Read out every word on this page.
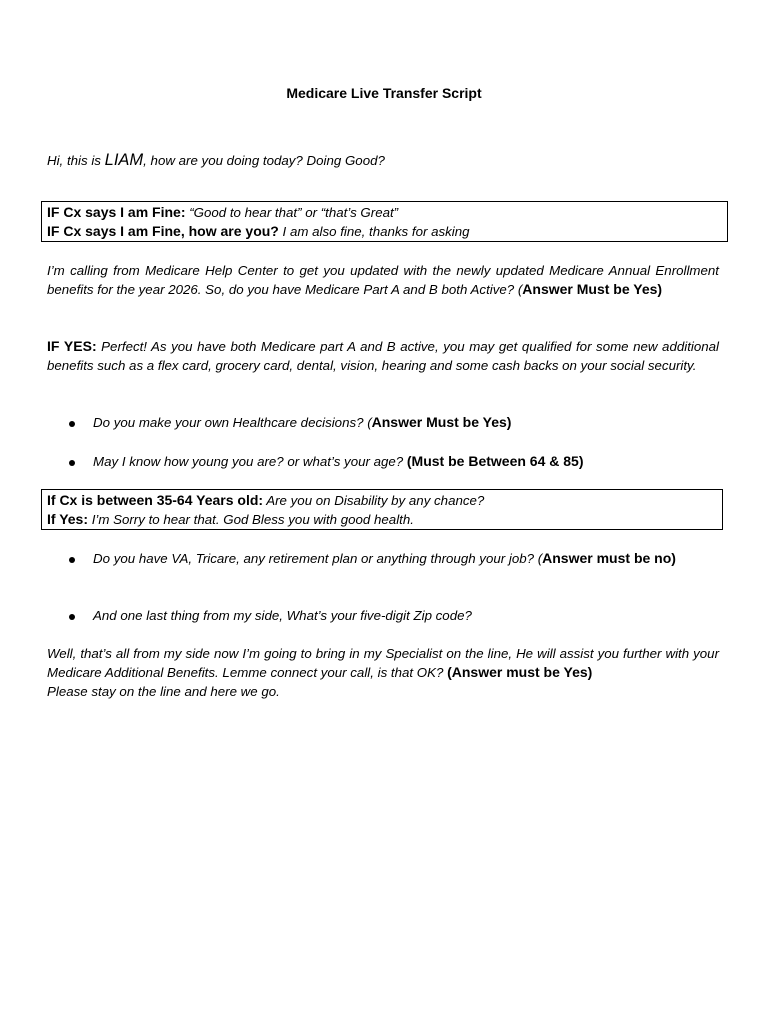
Medicare Live Transfer Script
Hi, this is LIAM, how are you doing today? Doing Good?
IF Cx says I am Fine: “Good to hear that” or “that’s Great”
IF Cx says I am Fine, how are you? I am also fine, thanks for asking
I’m calling from Medicare Help Center to get you updated with the newly updated Medicare Annual Enrollment benefits for the year 2026. So, do you have Medicare Part A and B both Active? (Answer Must be Yes)
IF YES: Perfect! As you have both Medicare part A and B active, you may get qualified for some new additional benefits such as a flex card, grocery card, dental, vision, hearing and some cash backs on your social security.
Do you make your own Healthcare decisions? (Answer Must be Yes)
May I know how young you are? or what’s your age? (Must be Between 64 & 85)
If Cx is between 35-64 Years old: Are you on Disability by any chance?
If Yes: I’m Sorry to hear that. God Bless you with good health.
Do you have VA, Tricare, any retirement plan or anything through your job? (Answer must be no)
And one last thing from my side, What’s your five-digit Zip code?
Well, that’s all from my side now I’m going to bring in my Specialist on the line, He will assist you further with your Medicare Additional Benefits. Lemme connect your call, is that OK? (Answer must be Yes)
Please stay on the line and here we go.
